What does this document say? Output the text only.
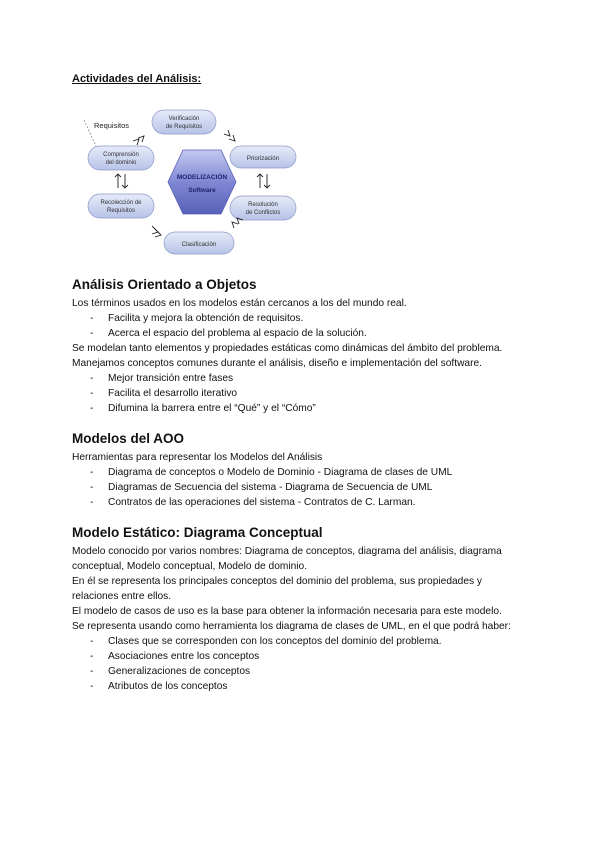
Actividades del Análisis:
Requisitos
Verificación
de Requisitos
Priorización
Resolución
de Conflictos
Clasificación
Recolección de
Requisitos
Comprensión
del dominio
MODELIZACIÓN
Software
Análisis Orientado a Objetos

Los términos usados en los modelos están cercanos a los del mundo real.

- Facilita y mejora la obtención de requisitos.
- Acerca el espacio del problema al espacio de la solución.

Se modelan tanto elementos y propiedades estáticas como dinámicas del ámbito del problema.

Manejamos conceptos comunes durante el análisis, diseño e implementación del software.

- Mejor transición entre fases
- Facilita el desarrollo iterativo
- Difumina la barrera entre el “Qué” y el “Cómo”
Modelos del AOO

Herramientas para representar los Modelos del Análisis

- Diagrama de conceptos o Modelo de Dominio - Diagrama de clases de UML
- Diagramas de Secuencia del sistema - Diagrama de Secuencia de UML
- Contratos de las operaciones del sistema - Contratos de C. Larman.
Modelo Estático: Diagrama Conceptual

Modelo conocido por varios nombres: Diagrama de conceptos, diagrama del análisis, diagrama conceptual, Modelo conceptual, Modelo de dominio.

En él se representa los principales conceptos del dominio del problema, sus propiedades y relaciones entre ellos.

El modelo de casos de uso es la base para obtener la información necesaria para este modelo.

Se representa usando como herramienta los diagrama de clases de UML, en el que podrá haber:

- Clases que se corresponden con los conceptos del dominio del problema.
- Asociaciones entre los conceptos
- Generalizaciones de conceptos
- Atributos de los conceptos
